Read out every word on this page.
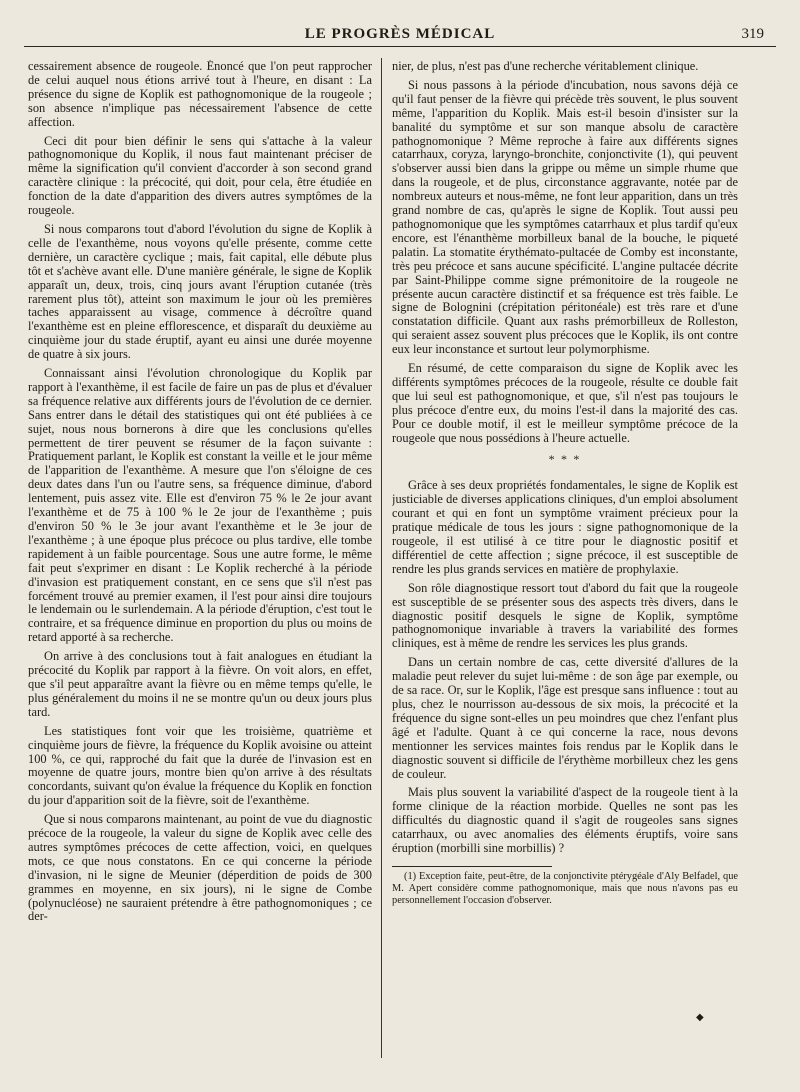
LE PROGRÈS MÉDICAL	319

cessairement absence de rougeole. Énoncé que l'on peut rapprocher de celui auquel nous étions arrivé tout à l'heure, en disant : La présence du signe de Koplik est pathognomonique de la rougeole ; son absence n'implique pas nécessairement l'absence de cette affection.

Ceci dit pour bien définir le sens qui s'attache à la valeur pathognomonique du Koplik, il nous faut maintenant préciser de même la signification qu'il convient d'accorder à son second grand caractère clinique : la précocité, qui doit, pour cela, être étudiée en fonction de la date d'apparition des divers autres symptômes de la rougeole.

Si nous comparons tout d'abord l'évolution du signe de Koplik à celle de l'exanthème, nous voyons qu'elle présente, comme cette dernière, un caractère cyclique ; mais, fait capital, elle débute plus tôt et s'achève avant elle. D'une manière générale, le signe de Koplik apparaît un, deux, trois, cinq jours avant l'éruption cutanée (très rarement plus tôt), atteint son maximum le jour où les premières taches apparaissent au visage, commence à décroître quand l'exanthème est en pleine efflorescence, et disparaît du deuxième au cinquième jour du stade éruptif, ayant eu ainsi une durée moyenne de quatre à six jours.

Connaissant ainsi l'évolution chronologique du Koplik par rapport à l'exanthème, il est facile de faire un pas de plus et d'évaluer sa fréquence relative aux différents jours de l'évolution de ce dernier. Sans entrer dans le détail des statistiques qui ont été publiées à ce sujet, nous nous bornerons à dire que les conclusions qu'elles permettent de tirer peuvent se résumer de la façon suivante : Pratiquement parlant, le Koplik est constant la veille et le jour même de l'apparition de l'exanthème. A mesure que l'on s'éloigne de ces deux dates dans l'un ou l'autre sens, sa fréquence diminue, d'abord lentement, puis assez vite. Elle est d'environ 75 % le 2e jour avant l'exanthème et de 75 à 100 % le 2e jour de l'exanthème ; puis d'environ 50 % le 3e jour avant l'exanthème et le 3e jour de l'exanthème ; à une époque plus précoce ou plus tardive, elle tombe rapidement à un faible pourcentage. Sous une autre forme, le même fait peut s'exprimer en disant : Le Koplik recherché à la période d'invasion est pratiquement constant, en ce sens que s'il n'est pas forcément trouvé au premier examen, il l'est pour ainsi dire toujours le lendemain ou le surlendemain. A la période d'éruption, c'est tout le contraire, et sa fréquence diminue en proportion du plus ou moins de retard apporté à sa recherche.

On arrive à des conclusions tout à fait analogues en étudiant la précocité du Koplik par rapport à la fièvre. On voit alors, en effet, que s'il peut apparaître avant la fièvre ou en même temps qu'elle, le plus généralement du moins il ne se montre qu'un ou deux jours plus tard.

Les statistiques font voir que les troisième, quatrième et cinquième jours de fièvre, la fréquence du Koplik avoisine ou atteint 100 %, ce qui, rapproché du fait que la durée de l'invasion est en moyenne de quatre jours, montre bien qu'on arrive à des résultats concordants, suivant qu'on évalue la fréquence du Koplik en fonction du jour d'apparition soit de la fièvre, soit de l'exanthème.

Que si nous comparons maintenant, au point de vue du diagnostic précoce de la rougeole, la valeur du signe de Koplik avec celle des autres symptômes précoces de cette affection, voici, en quelques mots, ce que nous constatons. En ce qui concerne la période d'invasion, ni le signe de Meunier (déperdition de poids de 300 grammes en moyenne, en six jours), ni le signe de Combe (polynucléose) ne sauraient prétendre à être pathognomoniques ; ce der-

nier, de plus, n'est pas d'une recherche véritablement clinique.

Si nous passons à la période d'incubation, nous savons déjà ce qu'il faut penser de la fièvre qui précède très souvent, le plus souvent même, l'apparition du Koplik. Mais est-il besoin d'insister sur la banalité du symptôme et sur son manque absolu de caractère pathognomonique ? Même reproche à faire aux différents signes catarrhaux, coryza, laryngo-bronchite, conjonctivite (1), qui peuvent s'observer aussi bien dans la grippe ou même un simple rhume que dans la rougeole, et de plus, circonstance aggravante, notée par de nombreux auteurs et nous-même, ne font leur apparition, dans un très grand nombre de cas, qu'après le signe de Koplik. Tout aussi peu pathognomonique que les symptômes catarrhaux et plus tardif qu'eux encore, est l'énanthème morbilleux banal de la bouche, le piqueté palatin. La stomatite érythémato-pultacée de Comby est inconstante, très peu précoce et sans aucune spécificité. L'angine pultacée décrite par Saint-Philippe comme signe prémonitoire de la rougeole ne présente aucun caractère distinctif et sa fréquence est très faible. Le signe de Bolognini (crépitation péritonéale) est très rare et d'une constatation difficile. Quant aux rashs prémorbilleux de Rolleston, qui seraient assez souvent plus précoces que le Koplik, ils ont contre eux leur inconstance et surtout leur polymorphisme.

En résumé, de cette comparaison du signe de Koplik avec les différents symptômes précoces de la rougeole, résulte ce double fait que lui seul est pathognomonique, et que, s'il n'est pas toujours le plus précoce d'entre eux, du moins l'est-il dans la majorité des cas. Pour ce double motif, il est le meilleur symptôme précoce de la rougeole que nous possédions à l'heure actuelle.

* * *

Grâce à ses deux propriétés fondamentales, le signe de Koplik est justiciable de diverses applications cliniques, d'un emploi absolument courant et qui en font un symptôme vraiment précieux pour la pratique médicale de tous les jours : signe pathognomonique de la rougeole, il est utilisé à ce titre pour le diagnostic positif et différentiel de cette affection ; signe précoce, il est susceptible de rendre les plus grands services en matière de prophylaxie.

Son rôle diagnostique ressort tout d'abord du fait que la rougeole est susceptible de se présenter sous des aspects très divers, dans le diagnostic positif desquels le signe de Koplik, symptôme pathognomonique invariable à travers la variabilité des formes cliniques, est à même de rendre les services les plus grands.

Dans un certain nombre de cas, cette diversité d'allures de la maladie peut relever du sujet lui-même : de son âge par exemple, ou de sa race. Or, sur le Koplik, l'âge est presque sans influence : tout au plus, chez le nourrisson au-dessous de six mois, la précocité et la fréquence du signe sont-elles un peu moindres que chez l'enfant plus âgé et l'adulte. Quant à ce qui concerne la race, nous devons mentionner les services maintes fois rendus par le Koplik dans le diagnostic souvent si difficile de l'érythème morbilleux chez les gens de couleur.

Mais plus souvent la variabilité d'aspect de la rougeole tient à la forme clinique de la réaction morbide. Quelles ne sont pas les difficultés du diagnostic quand il s'agit de rougeoles sans signes catarrhaux, ou avec anomalies des éléments éruptifs, voire sans éruption (morbilli sine morbillis) ?

(1) Exception faite, peut-être, de la conjonctivite ptérygéale d'Aly Belfadel, que M. Apert considère comme pathognomonique, mais que nous n'avons pas eu personnellement l'occasion d'observer.

◆
